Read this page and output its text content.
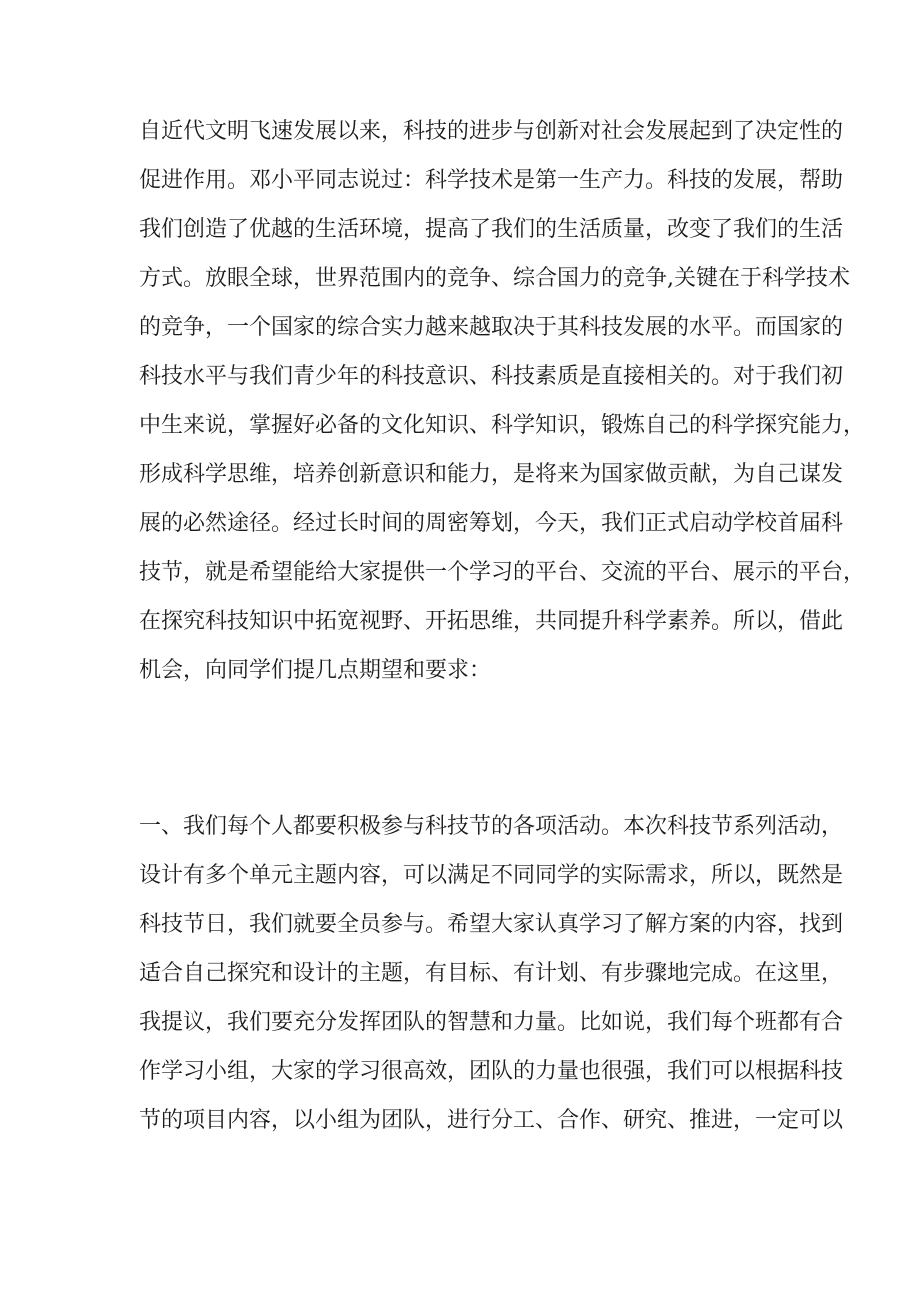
自近代文明飞速发展以来，科技的进步与创新对社会发展起到了决定性的
促进作用。邓小平同志说过：科学技术是第一生产力。科技的发展，帮助
我们创造了优越的生活环境，提高了我们的生活质量，改变了我们的生活
方式。放眼全球，世界范围内的竞争、综合国力的竞争,关键在于科学技术
的竞争，一个国家的综合实力越来越取决于其科技发展的水平。而国家的
科技水平与我们青少年的科技意识、科技素质是直接相关的。对于我们初
中生来说，掌握好必备的文化知识、科学知识，锻炼自己的科学探究能力，
形成科学思维，培养创新意识和能力，是将来为国家做贡献，为自己谋发
展的必然途径。经过长时间的周密筹划，今天，我们正式启动学校首届科
技节，就是希望能给大家提供一个学习的平台、交流的平台、展示的平台，
在探究科技知识中拓宽视野、开拓思维，共同提升科学素养。所以，借此
机会，向同学们提几点期望和要求：
一、我们每个人都要积极参与科技节的各项活动。本次科技节系列活动，
设计有多个单元主题内容，可以满足不同同学的实际需求，所以，既然是
科技节日，我们就要全员参与。希望大家认真学习了解方案的内容，找到
适合自己探究和设计的主题，有目标、有计划、有步骤地完成。在这里，
我提议，我们要充分发挥团队的智慧和力量。比如说，我们每个班都有合
作学习小组，大家的学习很高效，团队的力量也很强，我们可以根据科技
节的项目内容，以小组为团队，进行分工、合作、研究、推进，一定可以
